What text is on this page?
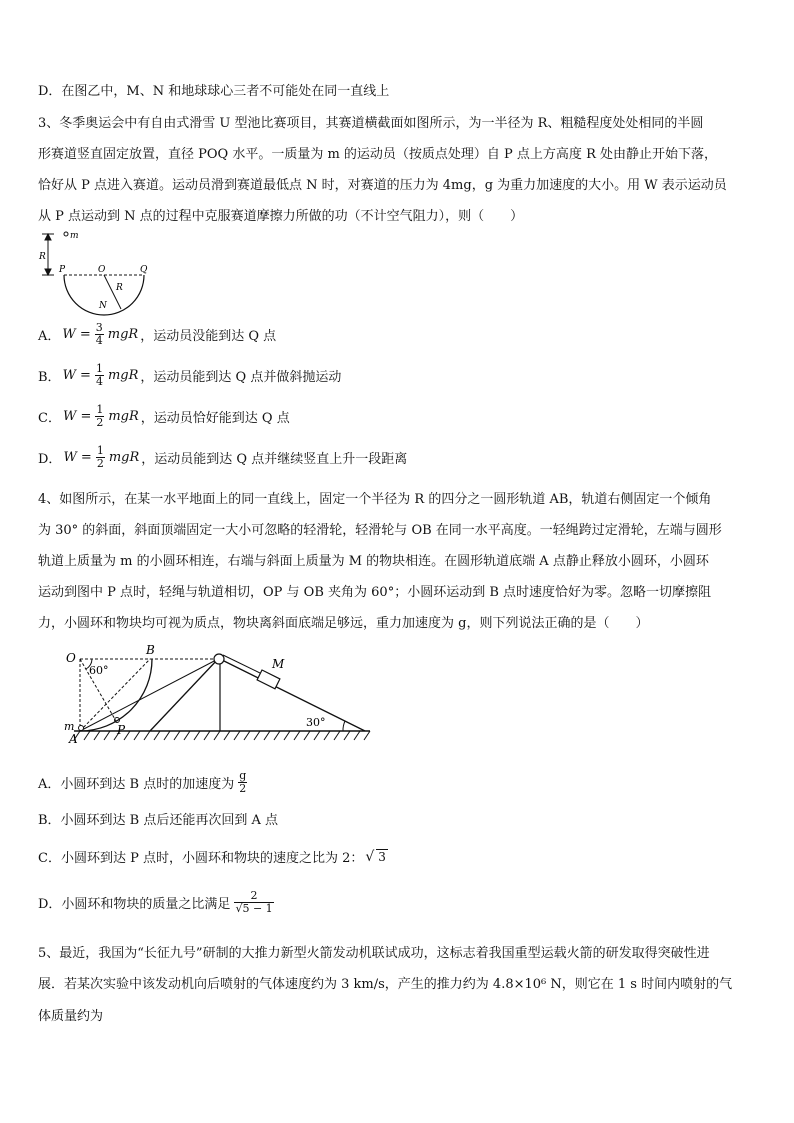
D．在图乙中，M、N 和地球球心三者不可能处在同一直线上
3、冬季奥运会中有自由式滑雪 U 型池比赛项目，其赛道横截面如图所示，为一半径为 R、粗糙程度处处相同的半圆
形赛道竖直固定放置，直径 POQ 水平。一质量为 m 的运动员（按质点处理）自 P 点上方高度 R 处由静止开始下落，
恰好从 P 点进入赛道。运动员滑到赛道最低点 N 时，对赛道的压力为 4mg，g 为重力加速度的大小。用 W 表示运动员
从 P 点运动到 N 点的过程中克服赛道摩擦力所做的功（不计空气阻力），则（　　）
m
R
P	O	Q
R
N
A． $W = \frac{3}{4}$ mgR ，运动员没能到达 Q 点
B． $W = \frac{1}{4}$ mgR ，运动员能到达 Q 点并做斜抛运动
C． $W = \frac{1}{2}$ mgR ，运动员恰好能到达 Q 点
D． $W = \frac{1}{2}$ mgR ，运动员能到达 Q 点并继续竖直上升一段距离
4、如图所示，在某一水平地面上的同一直线上，固定一个半径为 R 的四分之一圆形轨道 AB，轨道右侧固定一个倾角
为 30° 的斜面，斜面顶端固定一大小可忽略的轻滑轮，轻滑轮与 OB 在同一水平高度。一轻绳跨过定滑轮，左端与圆形
轨道上质量为 m 的小圆环相连，右端与斜面上质量为 M 的物块相连。在圆形轨道底端 A 点静止释放小圆环，小圆环
运动到图中 P 点时，轻绳与轨道相切，OP 与 OB 夹角为 60°；小圆环运动到 B 点时速度恰好为零。忽略一切摩擦阻
力，小圆环和物块均可视为质点，物块离斜面底端足够远，重力加速度为 g，则下列说法正确的是（　　）
O
60°
B
M
m
A
P
30°
A．小圆环到达 B 点时的加速度为 $\frac{g}{2}$
B．小圆环到达 B 点后还能再次回到 A 点
C．小圆环到达 P 点时，小圆环和物块的速度之比为 2： √ 3
D．小圆环和物块的质量之比满足 $\frac{2}{√5 - 1}$
5、最近，我国为“长征九号”研制的大推力新型火箭发动机联试成功，这标志着我国重型运载火箭的研发取得突破性进
展．若某次实验中该发动机向后喷射的气体速度约为 3 km/s，产生的推力约为 4.8×10⁶ N，则它在 1 s 时间内喷射的气
体质量约为
